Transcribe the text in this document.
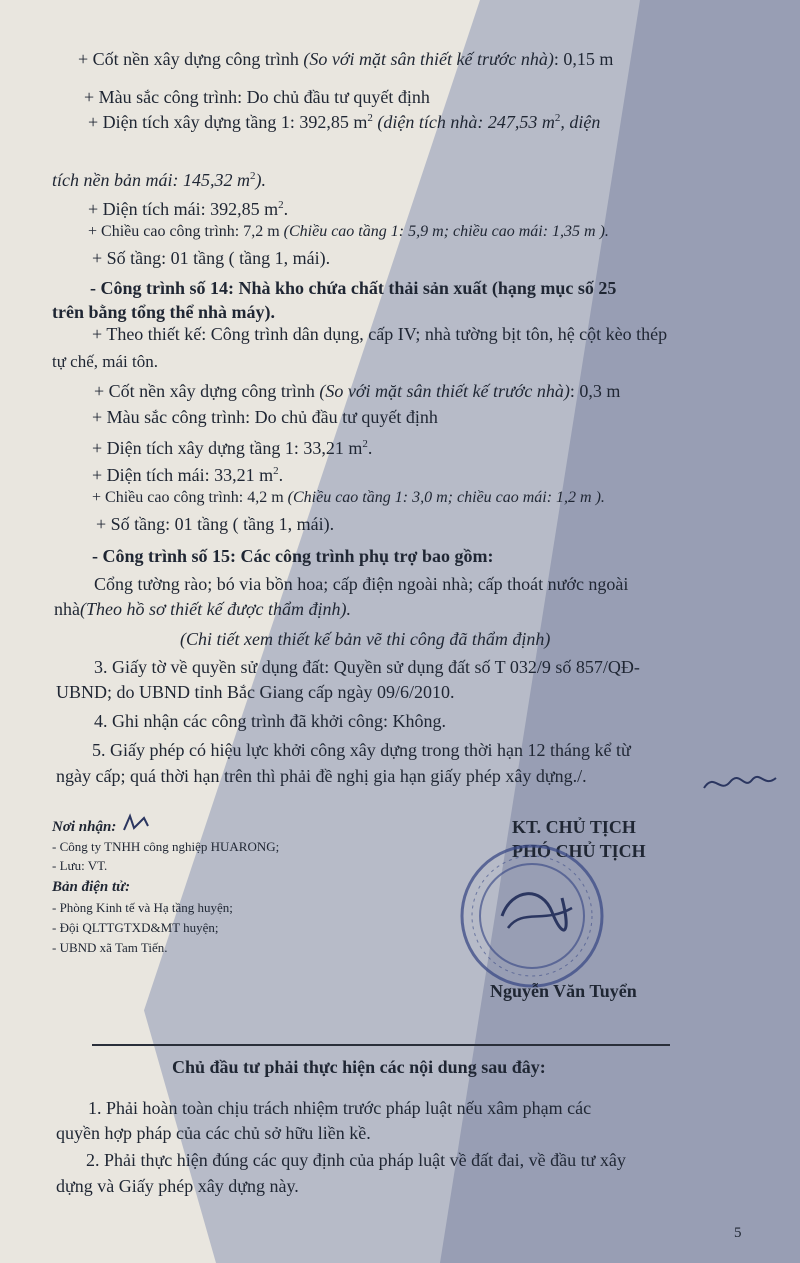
+ Cốt nền xây dựng công trình (So với mặt sân thiết kế trước nhà): 0,15 m
+ Màu sắc công trình: Do chủ đầu tư quyết định
+ Diện tích xây dựng tầng 1: 392,85 $m^2$ (diện tích nhà: 247,53 $m^2$, diện
tích nền bản mái: 145,32 $m^2$).
+ Diện tích mái: 392,85 $m^2$.
+ Chiều cao công trình: 7,2 m (Chiều cao tầng 1: 5,9 m; chiều cao mái: 1,35 m ).
+ Số tầng: 01 tầng ( tầng 1, mái).
- Công trình số 14: Nhà kho chứa chất thải sản xuất (hạng mục số 25
trên bằng tổng thể nhà máy).
+ Theo thiết kế: Công trình dân dụng, cấp IV; nhà tường bịt tôn, hệ cột kèo thép
tự chế, mái tôn.
+ Cốt nền xây dựng công trình (So với mặt sân thiết kế trước nhà): 0,3 m
+ Màu sắc công trình: Do chủ đầu tư quyết định
+ Diện tích xây dựng tầng 1: 33,21 $m^2$.
+ Diện tích mái: 33,21 $m^2$.
+ Chiều cao công trình: 4,2 m (Chiều cao tầng 1: 3,0 m; chiều cao mái: 1,2 m ).
+ Số tầng: 01 tầng ( tầng 1, mái).
- Công trình số 15: Các công trình phụ trợ bao gồm:
Cổng tường rào; bó via bồn hoa; cấp điện ngoài nhà; cấp thoát nước ngoài
nhà(Theo hồ sơ thiết kế được thẩm định).
(Chi tiết xem thiết kế bản vẽ thi công đã thẩm định)
3. Giấy tờ về quyền sử dụng đất: Quyền sử dụng đất số T 032/9 số 857/QĐ-
UBND; do UBND tỉnh Bắc Giang cấp ngày 09/6/2010.
4. Ghi nhận các công trình đã khởi công: Không.
5. Giấy phép có hiệu lực khởi công xây dựng trong thời hạn 12 tháng kể từ
ngày cấp; quá thời hạn trên thì phải đề nghị gia hạn giấy phép xây dựng./.
Nơi nhận:
- Công ty TNHH công nghiệp HUARONG;
- Lưu: VT.
Bản điện tử:
- Phòng Kinh tế và Hạ tầng huyện;
- Đội QLTTGTXD&MT huyện;
- UBND xã Tam Tiến.
KT. CHỦ TỊCH
PHÓ CHỦ TỊCH
Nguyễn Văn Tuyển
Chủ đầu tư phải thực hiện các nội dung sau đây:
1. Phải hoàn toàn chịu trách nhiệm trước pháp luật nếu xâm phạm các
quyền hợp pháp của các chủ sở hữu liền kề.
2. Phải thực hiện đúng các quy định của pháp luật về đất đai, về đầu tư xây
dựng và Giấy phép xây dựng này.
5
